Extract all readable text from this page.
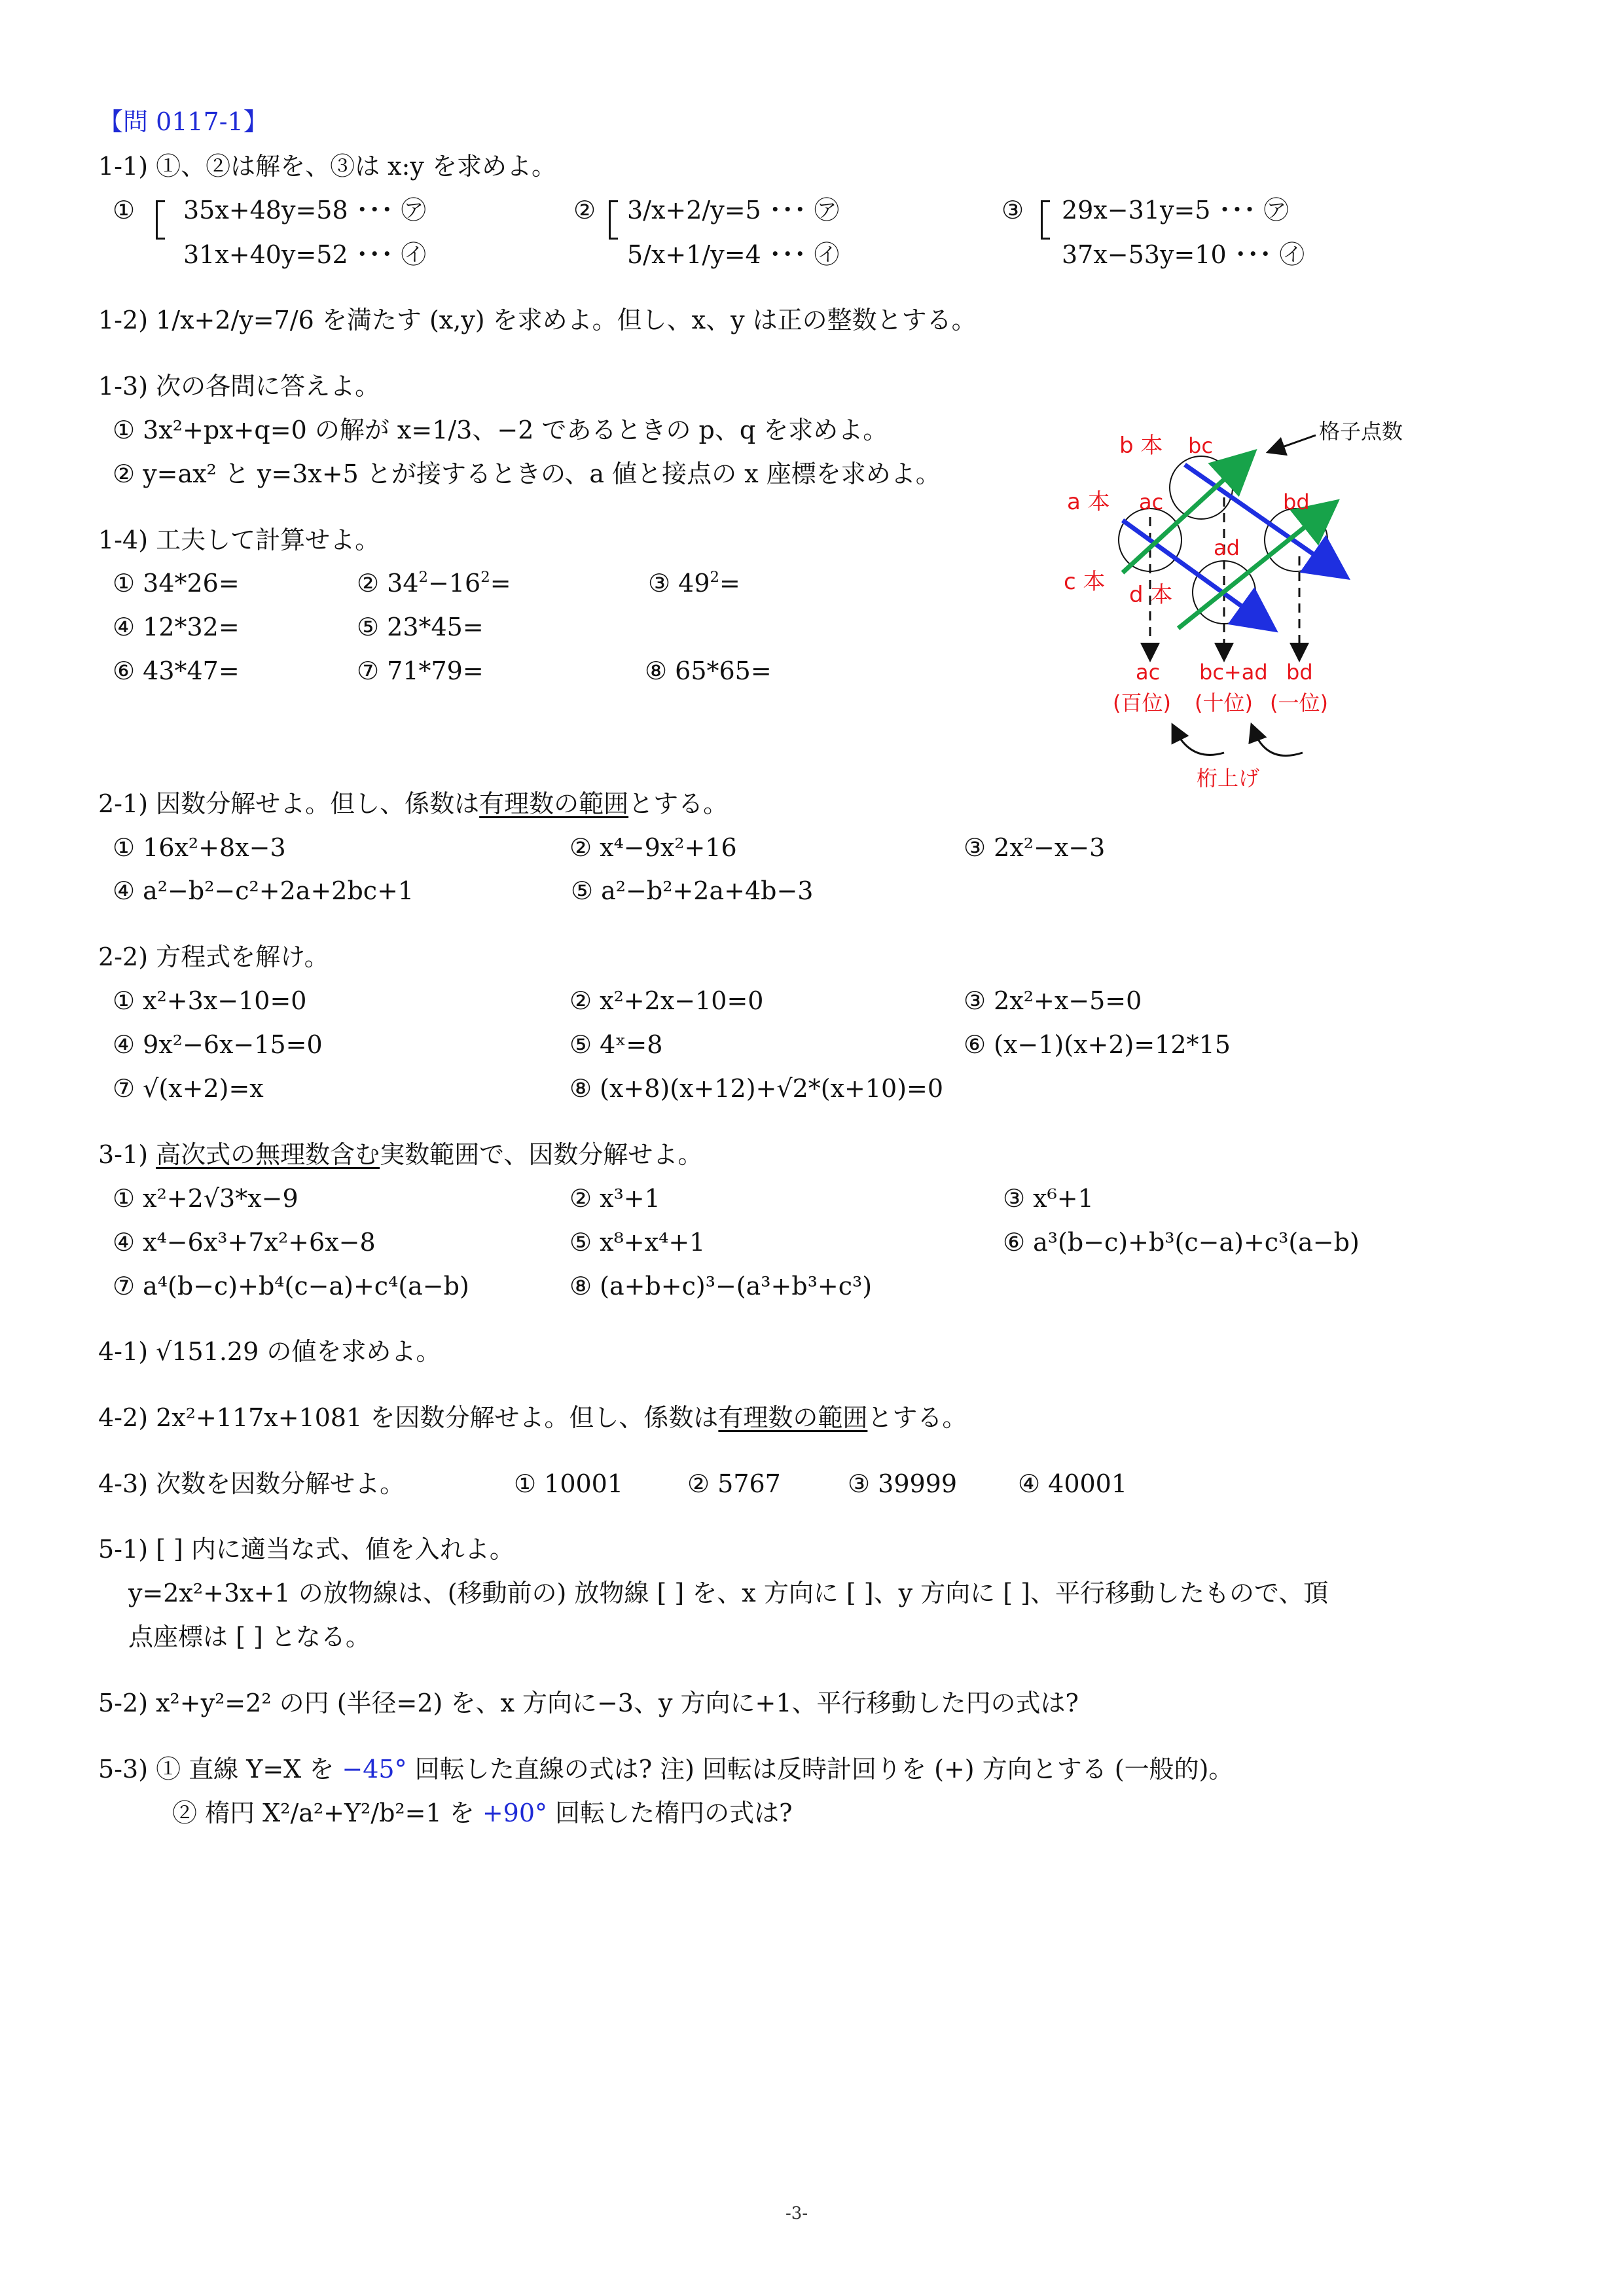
【問 0117-1】
1-1) ①、②は解を、③は x:y を求めよ。
① 35x+48y=58 ･･･ ㋐
31x+40y=52 ･･･ ㋑
② 3/x+2/y=5 ･･･ ㋐
5/x+1/y=4 ･･･ ㋑
③ 29x−31y=5 ･･･ ㋐
37x−53y=10 ･･･ ㋑
1-2) 1/x+2/y=7/6 を満たす (x,y) を求めよ。但し、x、y は正の整数とする。
1-3) 次の各問に答えよ。
① 3x²+px+q=0 の解が x=1/3、−2 であるときの p、q を求めよ。
② y=ax² と y=3x+5 とが接するときの、a 値と接点の x 座標を求めよ。
1-4) 工夫して計算せよ。
① 34*26=	② $34^2-16^2=$	③ $49^2=$
④ 12*32=	⑤ 23*45=
⑥ 43*47=	⑦ 71*79=	⑧ 65*65=
b 本
a 本
c 本 d 本
bc
ac	bd
ad
格子点数
ac bc+ad bd
(百位) (十位) (一位)
桁上げ
2-1) 因数分解せよ。但し、係数は有理数の範囲とする。
① 16x²+8x−3	② x⁴−9x²+16	③ 2x²−x−3
④ a²−b²−c²+2a+2bc+1	⑤ a²−b²+2a+4b−3
2-2) 方程式を解け。
① x²+3x−10=0	② x²+2x−10=0	③ 2x²+x−5=0
④ 9x²−6x−15=0	⑤ 4ˣ=8	⑥ (x−1)(x+2)=12*15
⑦ √(x+2)=x	⑧ (x+8)(x+12)+√2*(x+10)=0
3-1) 高次式の無理数含む実数範囲で、因数分解せよ。
① x²+2√3*x−9	② x³+1	③ x⁶+1
④ x⁴−6x³+7x²+6x−8	⑤ x⁸+x⁴+1	⑥ a³(b−c)+b³(c−a)+c³(a−b)
⑦ a⁴(b−c)+b⁴(c−a)+c⁴(a−b)	⑧ (a+b+c)³−(a³+b³+c³)
4-1) √151.29 の値を求めよ。
4-2) 2x²+117x+1081 を因数分解せよ。但し、係数は有理数の範囲とする。
4-3) 次数を因数分解せよ。	① 10001	② 5767	③ 39999 ④ 40001
5-1) [ ] 内に適当な式、値を入れよ。
y=2x²+3x+1 の放物線は、(移動前の) 放物線 [ ] を、x 方向に [ ]、y 方向に [ ]、平行移動したもので、頂
点座標は [ ] となる。
5-2) x²+y²=2² の円 (半径=2) を、x 方向に−3、y 方向に+1、平行移動した円の式は?
5-3) ① 直線 Y=X を −45° 回転した直線の式は? 注) 回転は反時計回りを (+) 方向とする (一般的)。
② 楕円 X²/a²+Y²/b²=1 を +90° 回転した楕円の式は?
-3-
